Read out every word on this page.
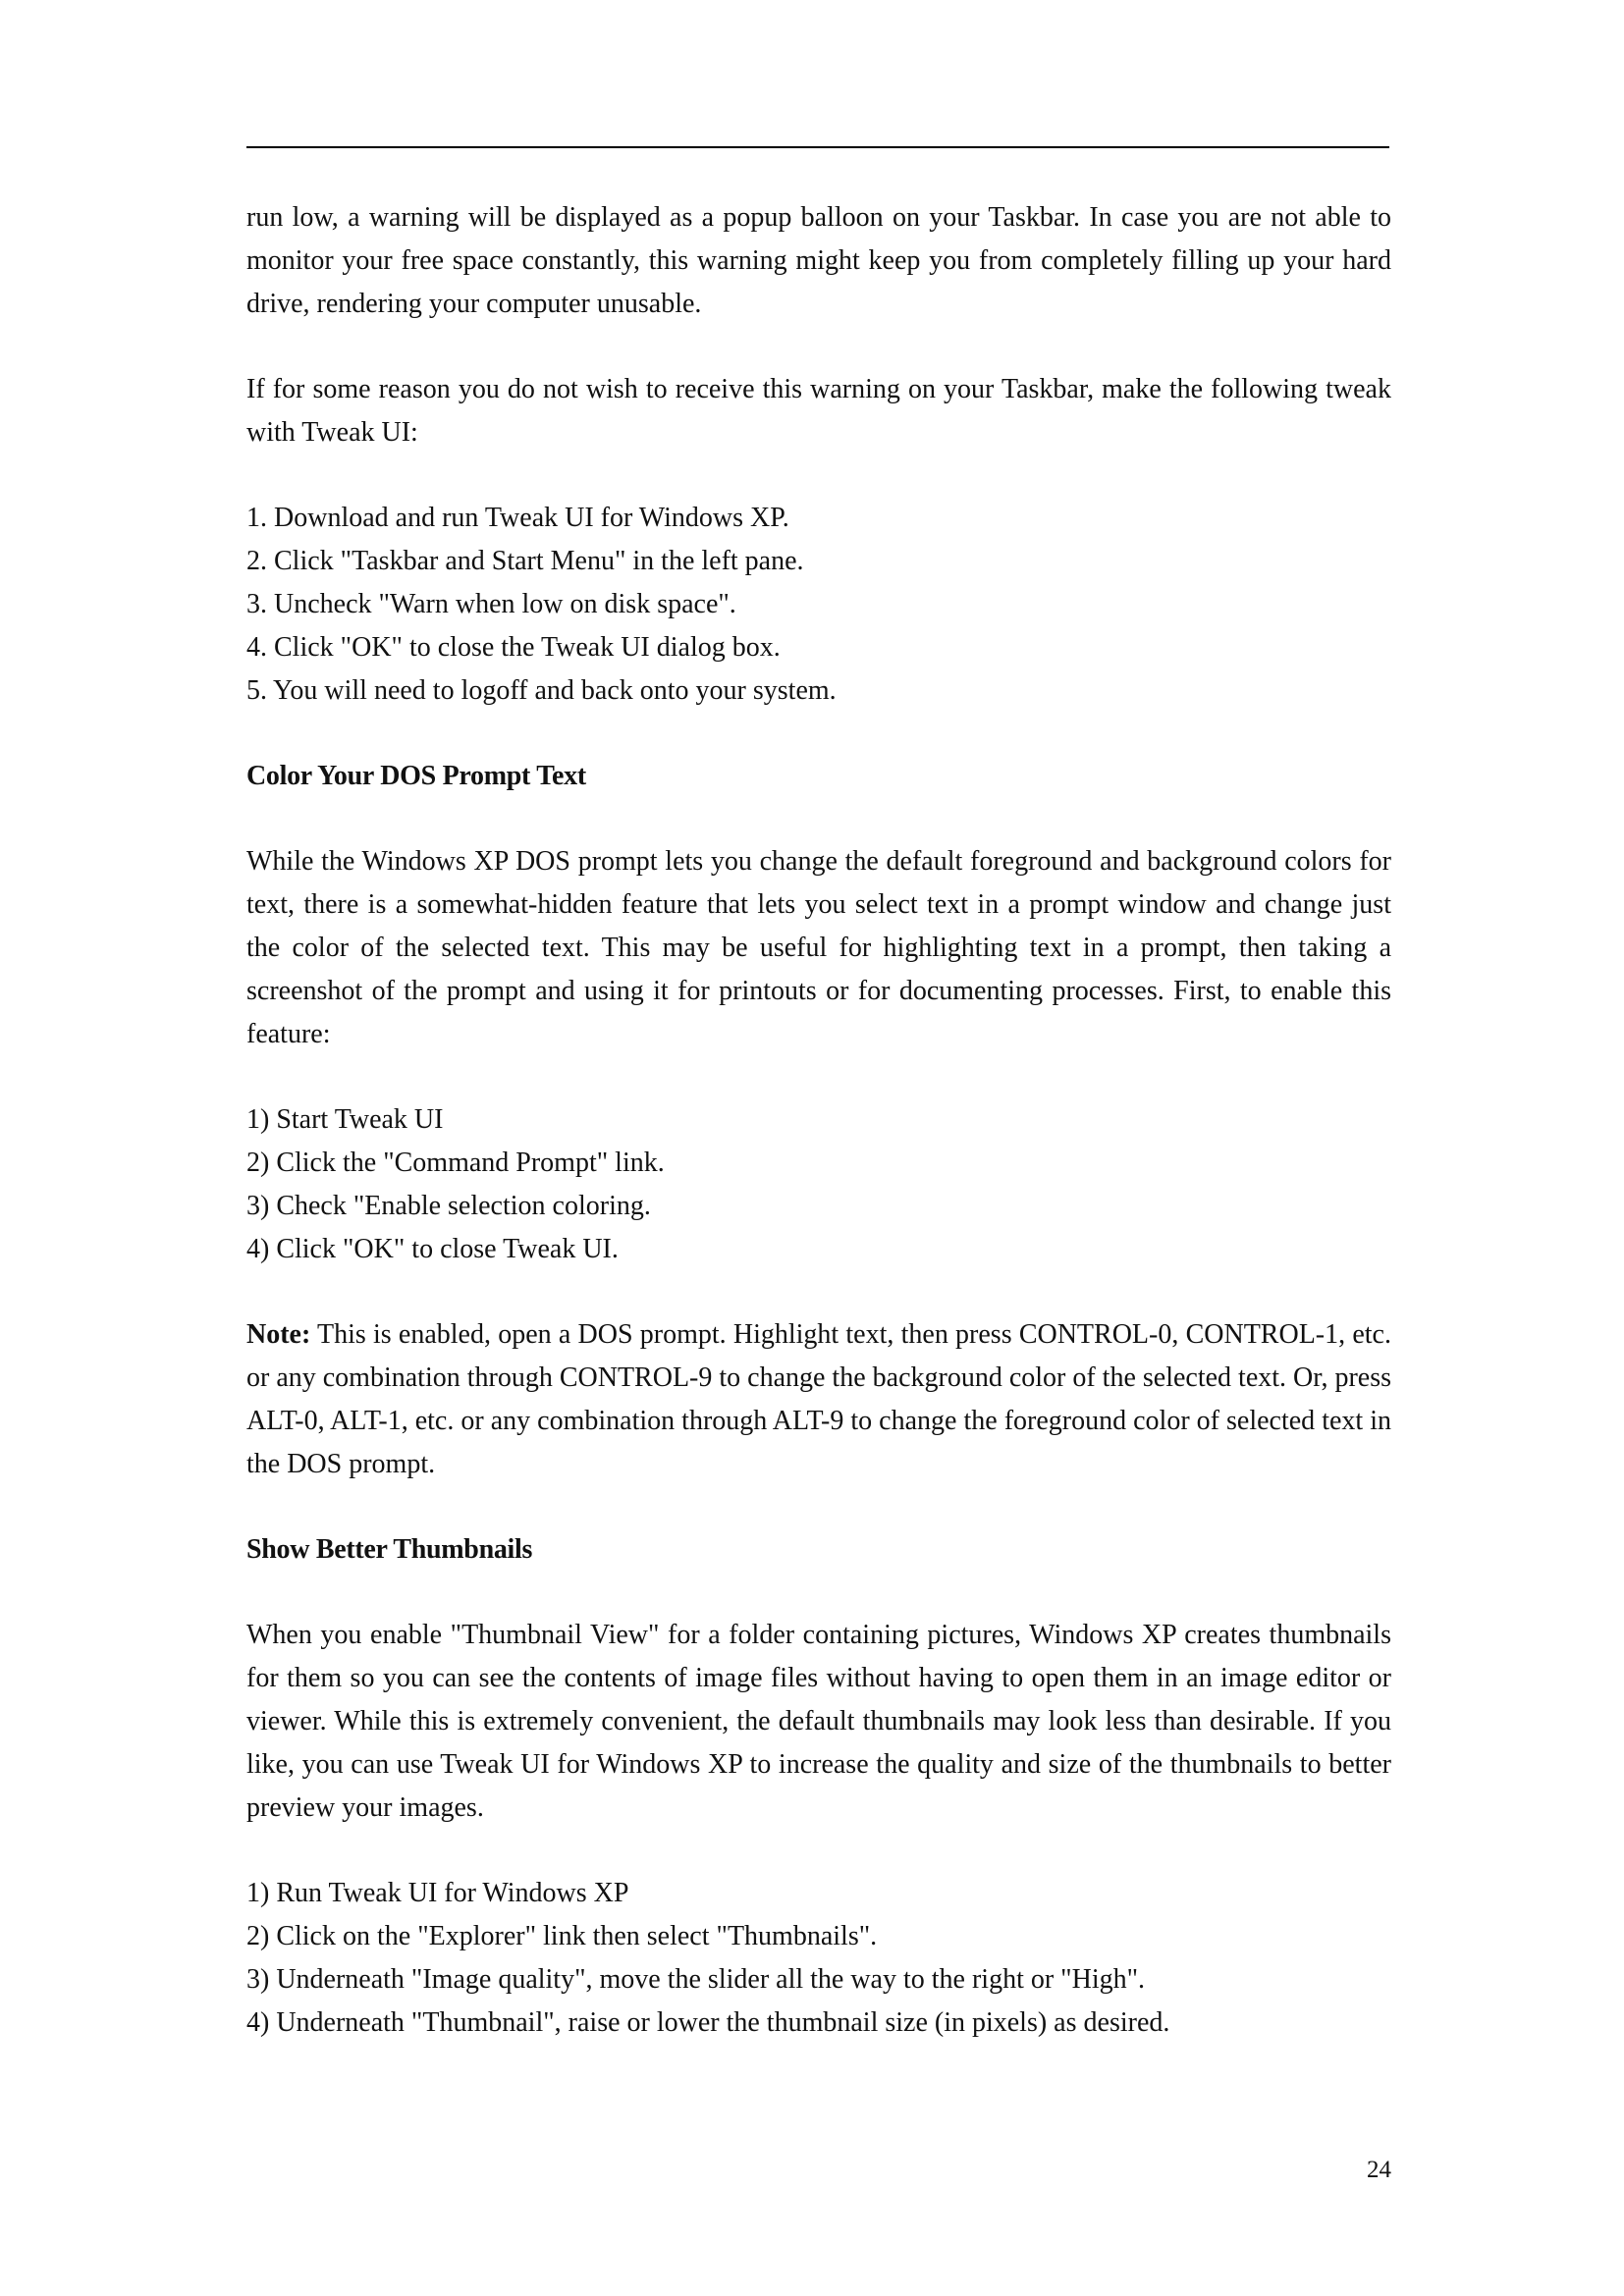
run low, a warning will be displayed as a popup balloon on your Taskbar. In case you are not able to monitor your free space constantly, this warning might keep you from completely filling up your hard drive, rendering your computer unusable.

If for some reason you do not wish to receive this warning on your Taskbar, make the following tweak with Tweak UI:

1. Download and run Tweak UI for Windows XP.
2. Click "Taskbar and Start Menu" in the left pane.
3. Uncheck "Warn when low on disk space".
4. Click "OK" to close the Tweak UI dialog box.
5. You will need to logoff and back onto your system.
Color Your DOS Prompt Text

While the Windows XP DOS prompt lets you change the default foreground and background colors for text, there is a somewhat-hidden feature that lets you select text in a prompt window and change just the color of the selected text. This may be useful for highlighting text in a prompt, then taking a screenshot of the prompt and using it for printouts or for documenting processes. First, to enable this feature:

1) Start Tweak UI
2) Click the "Command Prompt" link.
3) Check "Enable selection coloring.
4) Click "OK" to close Tweak UI.

Note: This is enabled, open a DOS prompt. Highlight text, then press CONTROL-0, CONTROL-1, etc. or any combination through CONTROL-9 to change the background color of the selected text. Or, press ALT-0, ALT-1, etc. or any combination through ALT-9 to change the foreground color of selected text in the DOS prompt.

Show Better Thumbnails

When you enable "Thumbnail View" for a folder containing pictures, Windows XP creates thumbnails for them so you can see the contents of image files without having to open them in an image editor or viewer. While this is extremely convenient, the default thumbnails may look less than desirable. If you like, you can use Tweak UI for Windows XP to increase the quality and size of the thumbnails to better preview your images.

1) Run Tweak UI for Windows XP
2) Click on the "Explorer" link then select "Thumbnails".
3) Underneath "Image quality", move the slider all the way to the right or "High".
4) Underneath "Thumbnail", raise or lower the thumbnail size (in pixels) as desired.
24
